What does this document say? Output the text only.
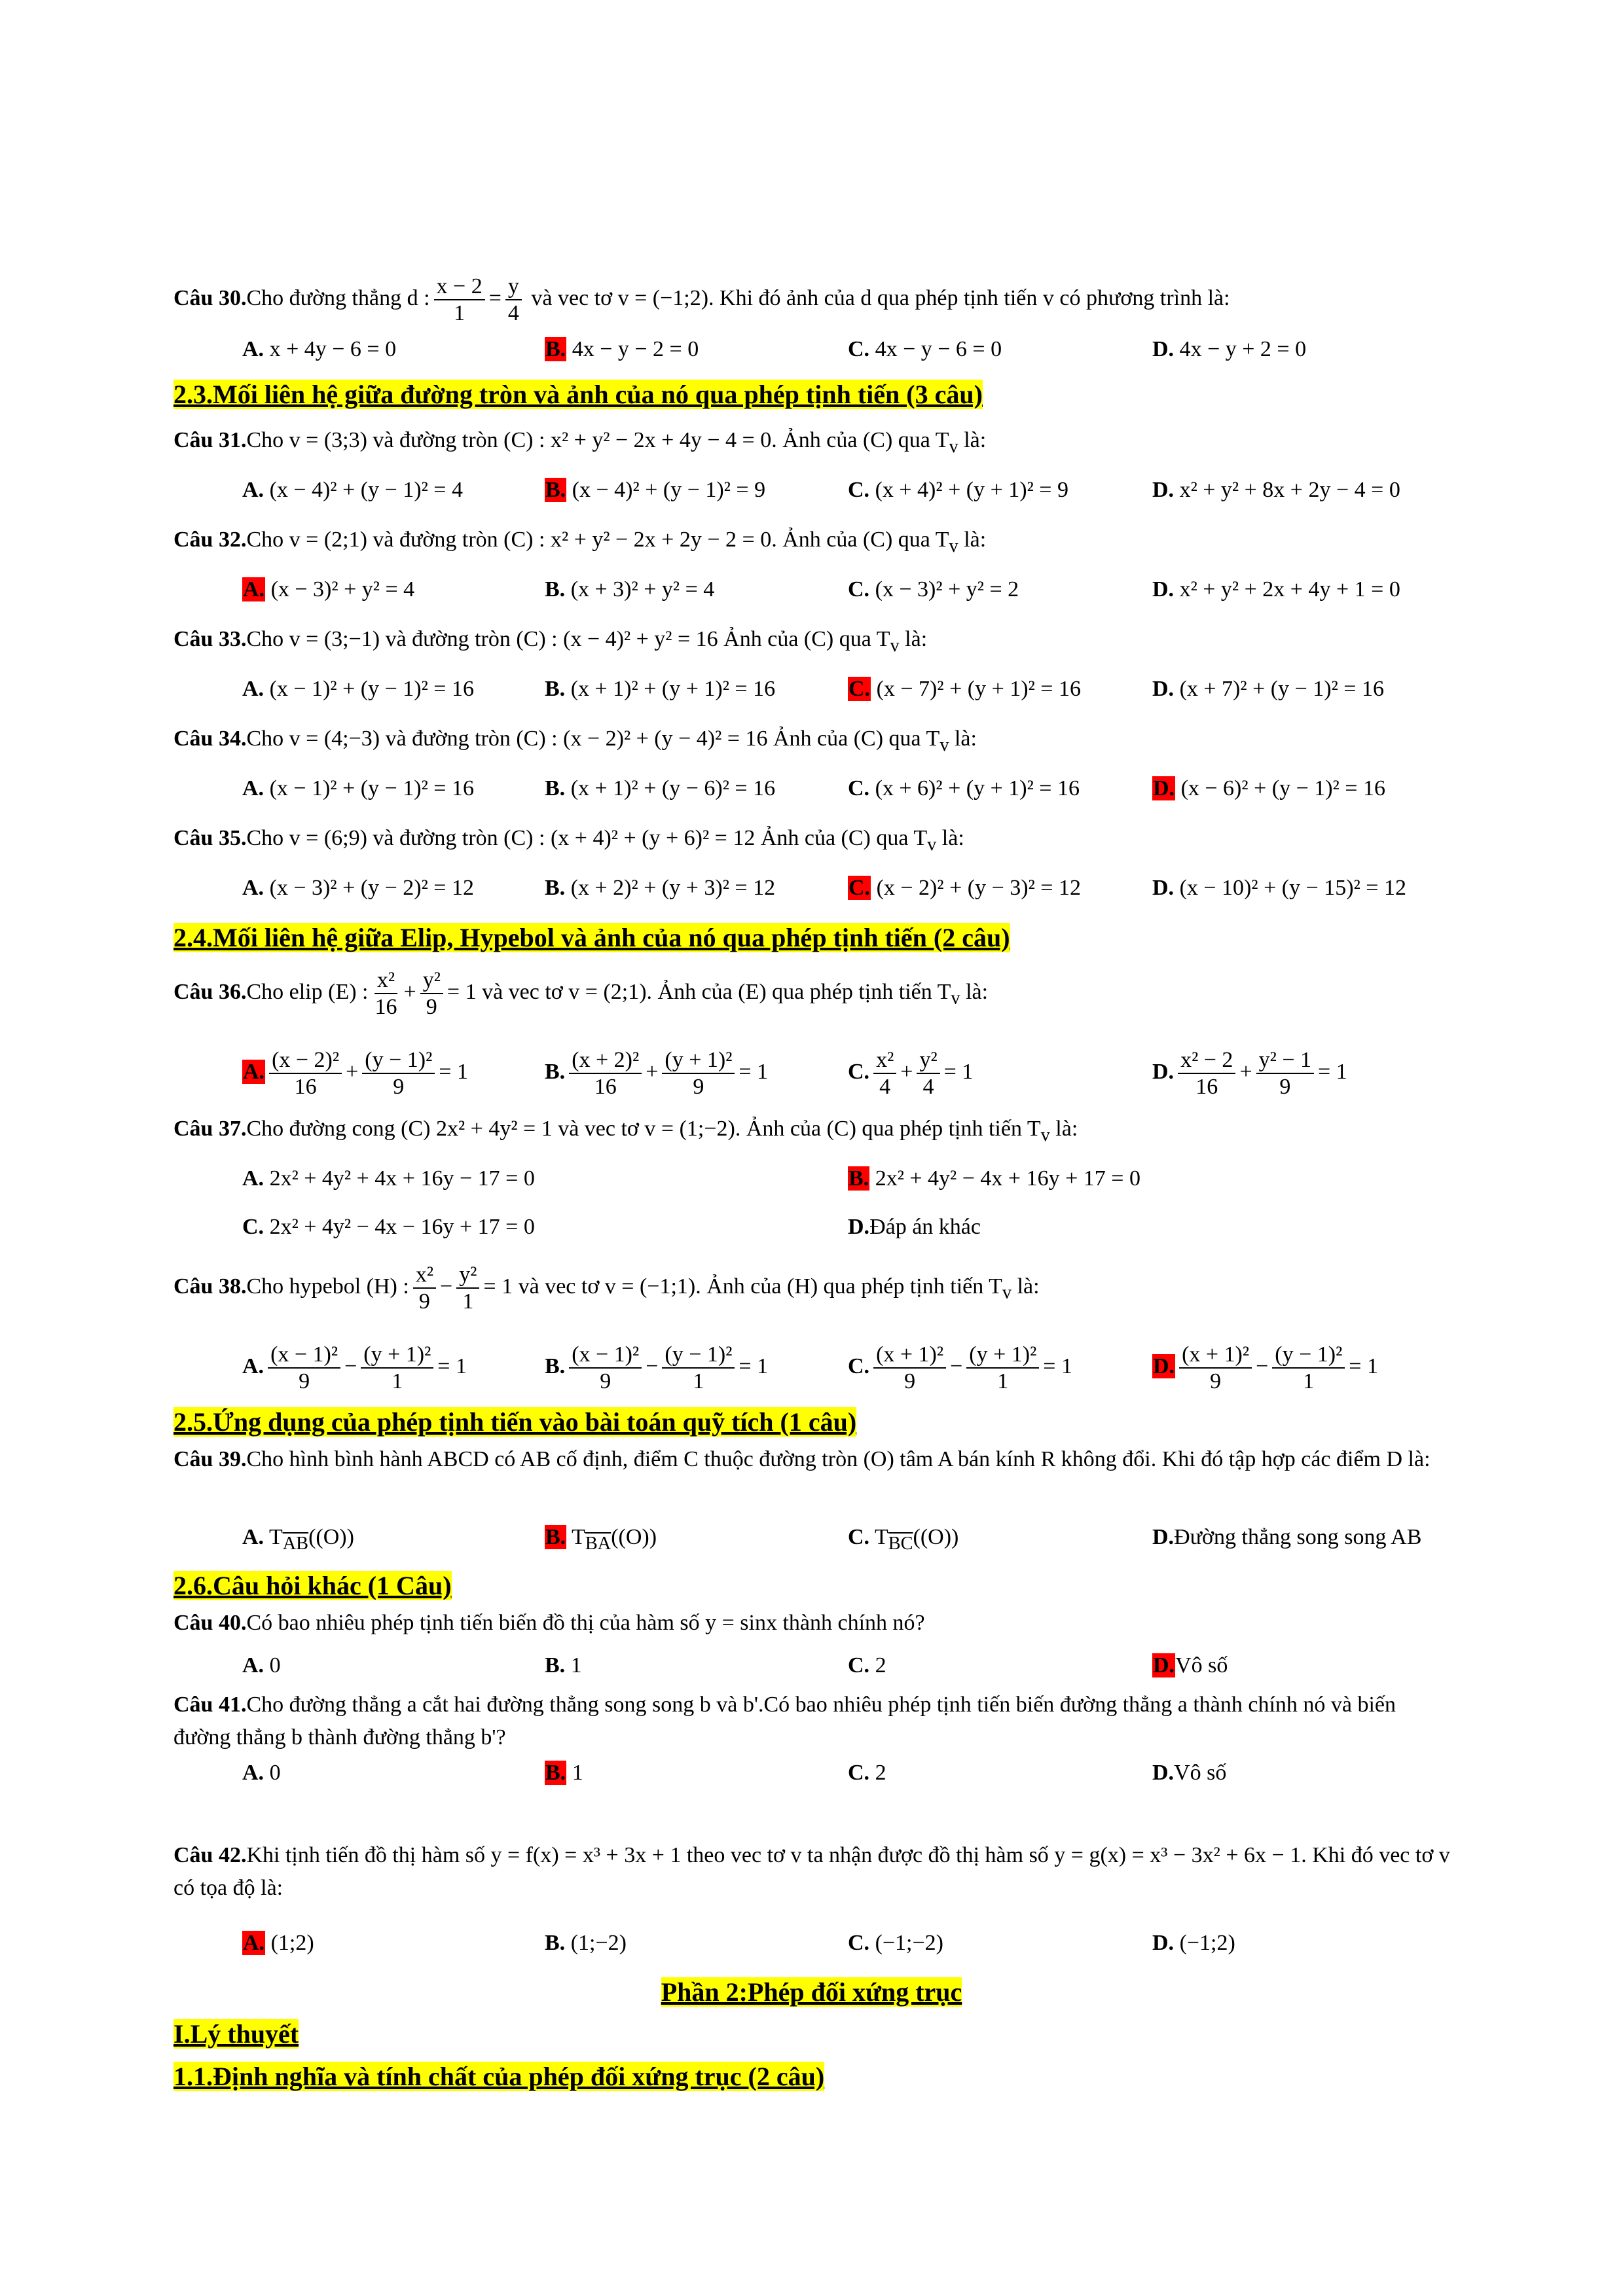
Câu 30.Cho đường thẳng d : $\frac{x - 2}{1} = \frac{y}{4}$ và vec tơ v = (−1;2). Khi đó ảnh của d qua phép tịnh tiến v có phương trình là:
A. x + 4y − 6 = 0	B. 4x − y − 2 = 0	C. 4x − y − 6 = 0	D. 4x − y + 2 = 0
2.3.Mối liên hệ giữa đường tròn và ảnh của nó qua phép tịnh tiến (3 câu)
Câu 31.Cho v = (3;3) và đường tròn (C) : x² + y² − 2x + 4y − 4 = 0. Ảnh của (C) qua $T_v$ là:
A. (x − 4)² + (y − 1)² = 4	B. (x − 4)² + (y − 1)² = 9	C. (x + 4)² + (y + 1)² = 9	D. x² + y² + 8x + 2y − 4 = 0
Câu 32.Cho v = (2;1) và đường tròn (C) : x² + y² − 2x + 2y − 2 = 0. Ảnh của (C) qua $T_v$ là:
A. (x − 3)² + y² = 4	B. (x + 3)² + y² = 4	C. (x − 3)² + y² = 2	D. x² + y² + 2x + 4y + 1 = 0
Câu 33.Cho v = (3;−1) và đường tròn (C) : (x − 4)² + y² = 16 Ảnh của (C) qua $T_v$ là:
A. (x − 1)² + (y − 1)² = 16	B. (x + 1)² + (y + 1)² = 16	C. (x − 7)² + (y + 1)² = 16	D. (x + 7)² + (y − 1)² = 16
Câu 34.Cho v = (4;−3) và đường tròn (C) : (x − 2)² + (y − 4)² = 16 Ảnh của (C) qua $T_v$ là:
A. (x − 1)² + (y − 1)² = 16	B. (x + 1)² + (y − 6)² = 16	C. (x + 6)² + (y + 1)² = 16	D. (x − 6)² + (y − 1)² = 16
Câu 35.Cho v = (6;9) và đường tròn (C) : (x + 4)² + (y + 6)² = 12 Ảnh của (C) qua $T_v$ là:
A. (x − 3)² + (y − 2)² = 12	B. (x + 2)² + (y + 3)² = 12	C. (x − 2)² + (y − 3)² = 12	D. (x − 10)² + (y − 15)² = 12
2.4.Mối liên hệ giữa Elip, Hypebol và ảnh của nó qua phép tịnh tiến (2 câu)
Câu 36.Cho elip (E) : $\frac{\text{x²}}{16} + \frac{\text{y²}}{9} = 1$ và vec tơ v = (2;1). Ảnh của (E) qua phép tịnh tiến $T_v$ là:
A. $\frac{\text{(x − 2)²}}{16} + \frac{\text{(y − 1)²}}{9} = 1$	B. $\frac{\text{(x + 2)²}}{16} + \frac{\text{(y + 1)²}}{9} = 1$	C. $\frac{\text{x²}}{4} + \frac{\text{y²}}{4} = 1$	D. $\frac{\text{x² − 2}}{16} + \frac{\text{y² − 1}}{9} = 1$
Câu 37.Cho đường cong (C) 2x² + 4y² = 1 và vec tơ v = (1;−2). Ảnh của (C) qua phép tịnh tiến $T_v$ là:
A. 2x² + 4y² + 4x + 16y − 17 = 0	B. 2x² + 4y² − 4x + 16y + 17 = 0
C. 2x² + 4y² − 4x − 16y + 17 = 0	D.Đáp án khác
Câu 38.Cho hypebol (H) : $\frac{\text{x²}}{9} - \frac{\text{y²}}{1} = 1$ và vec tơ v = (−1;1). Ảnh của (H) qua phép tịnh tiến $T_v$ là:
A. $\frac{\text{(x − 1)²}}{9} - \frac{\text{(y + 1)²}}{1} = 1$	B. $\frac{\text{(x − 1)²}}{9} - \frac{\text{(y − 1)²}}{1} = 1$	C. $\frac{\text{(x + 1)²}}{9} - \frac{\text{(y + 1)²}}{1} = 1$	D. $\frac{\text{(x + 1)²}}{9} - \frac{\text{(y − 1)²}}{1} = 1$
2.5.Ứng dụng của phép tịnh tiến vào bài toán quỹ tích (1 câu)
Câu 39.Cho hình bình hành ABCD có AB cố định, điểm C thuộc đường tròn (O) tâm A bán kính R không đổi. Khi đó tập hợp các điểm D là:
A. $T_{\overline{AB}}((O))$	B. $T_{\overline{BA}}((O))$	C. $T_{\overline{BC}}((O))$	D.Đường thẳng song song AB
2.6.Câu hỏi khác (1 Câu)
Câu 40.Có bao nhiêu phép tịnh tiến biến đồ thị của hàm số y = sinx thành chính nó?
A. 0	B. 1	C. 2	D.Vô số
Câu 41.Cho đường thẳng a cắt hai đường thẳng song song b và b'.Có bao nhiêu phép tịnh tiến biến đường thẳng a thành chính nó và biến đường thẳng b thành đường thẳng b'?
A. 0	B. 1	C. 2	D.Vô số
Câu 42.Khi tịnh tiến đồ thị hàm số y = f(x) = x³ + 3x + 1 theo vec tơ v ta nhận được đồ thị hàm số y = g(x) = x³ − 3x² + 6x − 1. Khi đó vec tơ v có tọa độ là:
A. (1;2)	B. (1;−2)	C. (−1;−2)	D. (−1;2)
Phần 2:Phép đối xứng trục
I.Lý thuyết
1.1.Định nghĩa và tính chất của phép đối xứng trục (2 câu)
